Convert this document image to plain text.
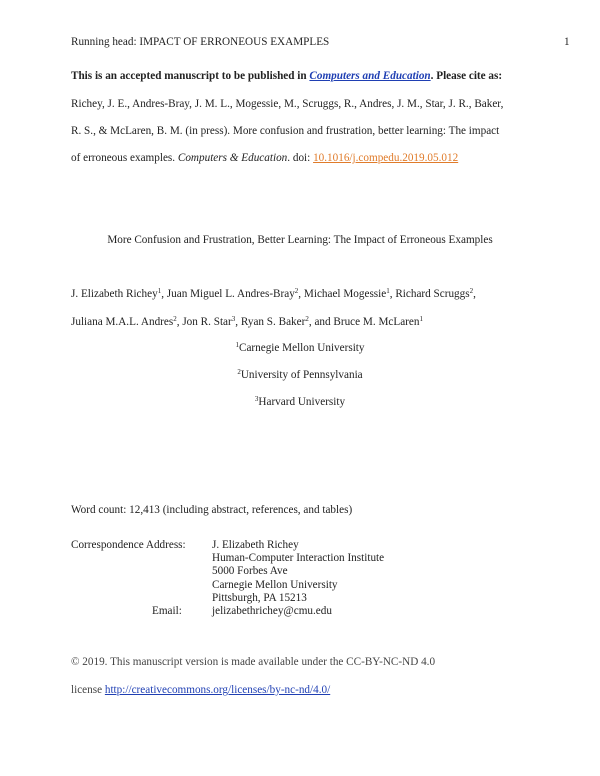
Running head: IMPACT OF ERRONEOUS EXAMPLES	1
This is an accepted manuscript to be published in Computers and Education. Please cite as:
Richey, J. E., Andres-Bray, J. M. L., Mogessie, M., Scruggs, R., Andres, J. M., Star, J. R., Baker,
R. S., & McLaren, B. M. (in press). More confusion and frustration, better learning: The impact
of erroneous examples. Computers & Education. doi: 10.1016/j.compedu.2019.05.012
More Confusion and Frustration, Better Learning: The Impact of Erroneous Examples
J. Elizabeth Richey$^1$, Juan Miguel L. Andres-Bray$^2$, Michael Mogessie$^1$, Richard Scruggs$^2$,
Juliana M.A.L. Andres$^2$, Jon R. Star$^3$, Ryan S. Baker$^2$, and Bruce M. McLaren$^1$
$^1$Carnegie Mellon University
$^2$University of Pennsylvania
$^3$Harvard University
Word count: 12,413 (including abstract, references, and tables)
Correspondence Address: J. Elizabeth Richey
Human-Computer Interaction Institute
5000 Forbes Ave
Carnegie Mellon University
Pittsburgh, PA 15213
Email:	jelizabethrichey@cmu.edu
© 2019. This manuscript version is made available under the CC-BY-NC-ND 4.0
license http://creativecommons.org/licenses/by-nc-nd/4.0/
